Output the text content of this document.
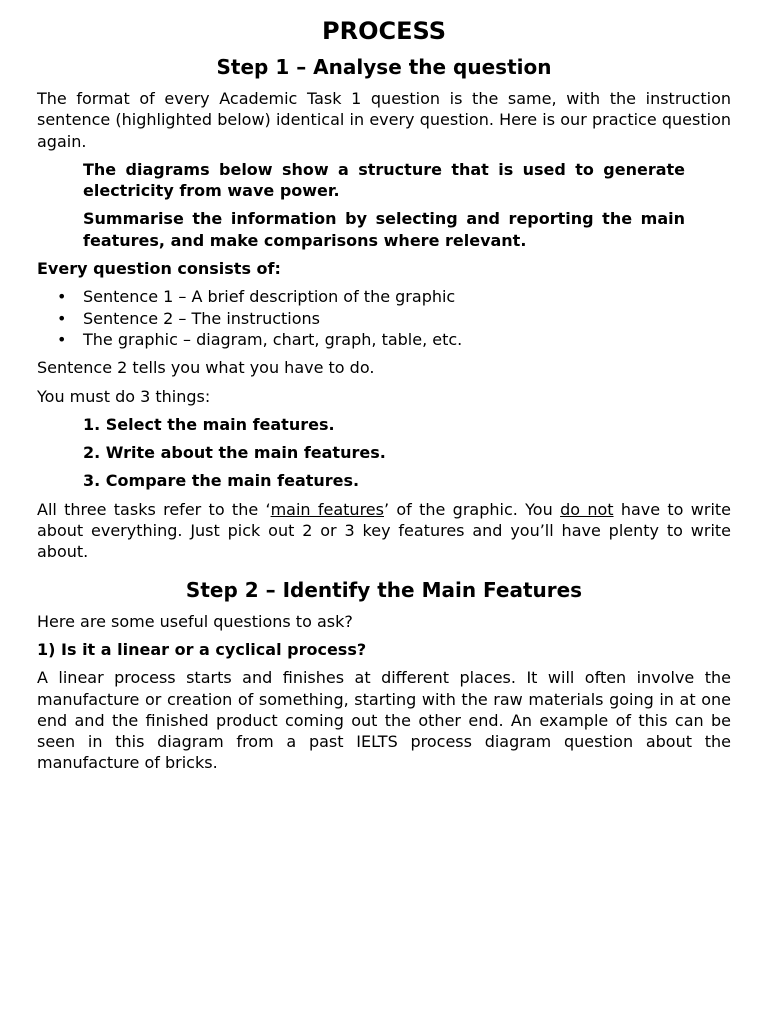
PROCESS
Step 1 – Analyse the question

The format of every Academic Task 1 question is the same, with the instruction sentence (highlighted below) identical in every question. Here is our practice question again.

The diagrams below show a structure that is used to generate electricity from wave power.

Summarise the information by selecting and reporting the main features, and make comparisons where relevant.

Every question consists of:

• Sentence 1 – A brief description of the graphic
• Sentence 2 – The instructions
• The graphic – diagram, chart, graph, table, etc.

Sentence 2 tells you what you have to do.

You must do 3 things:

1. Select the main features.

2. Write about the main features.

3. Compare the main features.

All three tasks refer to the ‘main features’ of the graphic. You do not have to write about everything. Just pick out 2 or 3 key features and you’ll have plenty to write about.

Step 2 – Identify the Main Features

Here are some useful questions to ask?

1) Is it a linear or a cyclical process?

A linear process starts and finishes at different places. It will often involve the manufacture or creation of something, starting with the raw materials going in at one end and the finished product coming out the other end. An example of this can be seen in this diagram from a past IELTS process diagram question about the manufacture of bricks.
